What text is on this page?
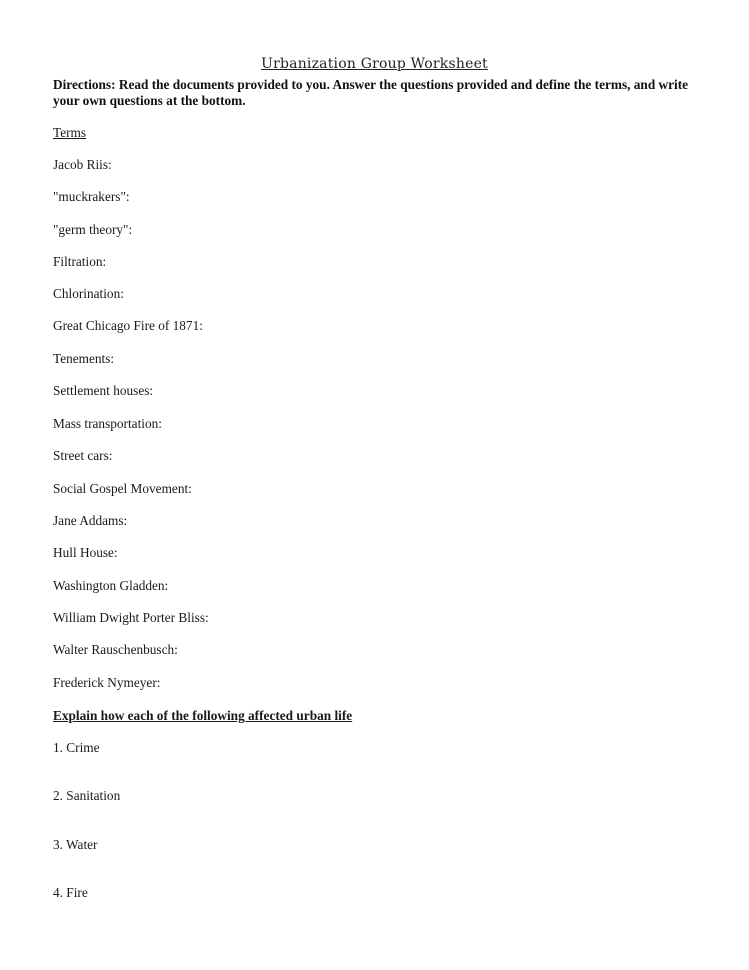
Urbanization Group Worksheet
Directions: Read the documents provided to you. Answer the questions provided and define the terms, and write your own questions at the bottom.
Terms
Jacob Riis:
"muckrakers":
"germ theory":
Filtration:
Chlorination:
Great Chicago Fire of 1871:
Tenements:
Settlement houses:
Mass transportation:
Street cars:
Social Gospel Movement:
Jane Addams:
Hull House:
Washington Gladden:
William Dwight Porter Bliss:
Walter Rauschenbusch:
Frederick Nymeyer:
Explain how each of the following affected urban life
1. Crime
2. Sanitation
3. Water
4. Fire
